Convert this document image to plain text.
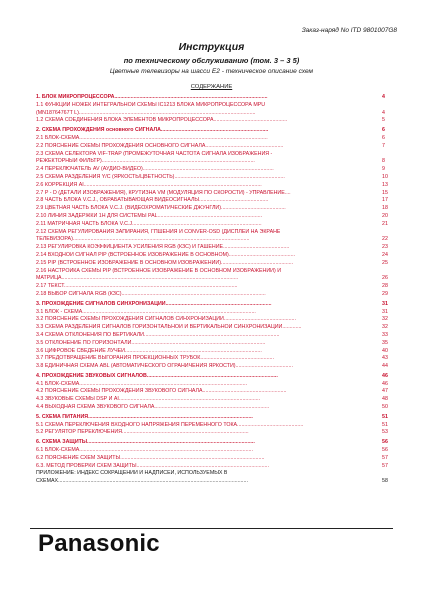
Заказ-наряд No ITD 9801007G8
Инструкция
по техническому обслуживанию (том. 3 – 3 5)
Цветные телевизоры на шасси E2 - техническое описание схем
СОДЕРЖАНИЕ
1. БЛОК МИКРОПРОЦЕССОРА........................................................................................................	4
1.1 ФУНКЦИИ НОЖЕК ИНТЕГРАЛЬНОЙ СХЕМЫ IC1213 БЛОКА МИКРОПРОЦЕССОРА MPU
(MN18764767T L)........................................................................................................................	4
1.2 СХЕМА СОЕДИНЕНИЯ БЛОКА ЭЛЕМЕНТОВ МИКРОПРОЦЕССОРА..................................................	5
2. СХЕМА ПРОХОЖДЕНИЯ основного СИГНАЛА.........................................................................	6
2.1 БЛОК-СХЕМА................................................................................................................................	6
2.2 ПОЯСНЕНИЕ СХЕМЫ ПРОХОЖДЕНИЯ ОСНОВНОГО СИГНАЛА.....................................................	7
2.3 СХЕМА СЕЛЕКТОРА VIF-TRAP (ПРОМЕЖУТОЧНАЯ ЧАСТОТА СИГНАЛА ИЗОБРАЖЕНИЯ -
РЕЖЕКТОРНЫЙ ФИЛЬТР)........................................................................................................	8
2.4 ПЕРЕКЛЮЧАТЕЛЬ AV (АУДИО-ВИДЕО).........................................................................................	9
2.5 СХЕМА РАЗДЕЛЕНИЯ Y/C (ЯРКОСТЬ/ЦВЕТНОСТЬ)...........................................................................	10
2.6 КОРРЕКЦИЯ AI.........................................................................................................................	13
2.7 P - D (ДЕТАЛИ ИЗОБРАЖЕНИЯ), КРУТИЗНА VM (МОДУЛЯЦИЯ ПО СКОРОСТИ) - УПРАВЛЕНИЕ....	15
2.8 ЧАСТЬ БЛОКА V.C.J., ОБРАБАТЫВАЮЩАЯ ВИДЕОСИГНАЛЫ...............................................	17
2.9 ЦВЕТНАЯ ЧАСТЬ БЛОКА V.C.J. (ВИДЕОХРОМАТИЧЕСКИЕ ДЖУНГЛИ)............................................	18
2.10 ЛИНИЯ ЗАДЕРЖКИ 1H ДЛЯ СИСТЕМЫ PAL.......................................................................	20
2.11 МАТРИЧНАЯ ЧАСТЬ БЛОКА V.C.J........................................................................................	21
2.12 СХЕМА РЕГУЛИРОВАНИЯ ЗАПИРАНИЯ, ГПШЕНИЯ И CONVER-OSD (ДИСПЛЕЙ НА ЭКРАНЕ
ТЕЛЕВИЗОРА)........................................................................................................................	22
2.13 РЕГУЛИРОВКА КОЭФФИЦИЕНТА УСИЛЕНИЯ RGB (КЗС) И ГАШЕНИЕ.............................................	23
2.14 ВХОДНОЙ СИГНАЛ PIP (ВСТРОЕННОЕ ИЗОБРАЖЕНИЕ В ОСНОВНОМ).............................................	24
2.15 PIP (ВСТРОЕННОЕ ИЗОБРАЖЕНИЕ В ОСНОВНОМ ИЗОБРАЖЕНИИ).................................................	25
2.16 НАСТРОЙКА СХЕМЫ PIP (ВСТРОЕННОЕ ИЗОБРАЖЕНИЕ В ОСНОВНОМ ИЗОБРАЖЕНИИ) И
МАТРИЦА........................................................................................................................	26
2.17 ТЕКСТ......................................................................................................................	28
2.18 ВЫБОР СИГНАЛА RGB (КЗС)..................................................................................................	29
3. ПРОХОЖДЕНИЕ СИГНАЛОВ СИНХРОНИЗАЦИИ........................................................................	31
3.1 БЛОК - СХЕМА......................................................................................................................	31
3.2 ПОЯСНЕНИЕ СХЕМЫ ПРОХОЖДЕНИЯ СИГНАЛОВ СИНХРОНИЗАЦИИ.................................................	32
3.3 СХЕМА РАЗДЕЛЕНИЯ СИГНАЛОВ ГОРИЗОНТАЛЬНОЙ И ВЕРТИКАЛЬНОЙ СИНХРОНИЗАЦИИ.............	32
3.4 СХЕМА ОТКЛОНЕНИЯ ПО ВЕРТИКАЛИ............................................................................................	33
3.5 ОТКЛОНЕНИЕ ПО ГОРИЗОНТАЛИ...........................................................................................	35
3.6 ЦИФРОВОЕ СВЕДЕНИЕ ЛУЧЕЙ.............................................................................................	40
3.7 ПРЕДОТВРАЩЕНИЕ ВЫГОРАНИЯ ПРОЕКЦИОННЫХ ТРУБОК..................................................	43
3.8 ЕДИНИЧНАЯ СХЕМА ABL (АВТОМАТИЧЕСКОГО ОГРАНИЧЕНИЯ ЯРКОСТИ).......................................	44
4. ПРОХОЖДЕНИЕ ЗВУКОВЫХ СИГНАЛОВ.........................................................................................	46
4.1 БЛОК-СХЕМА..................................................................................................................	46
4.2 ПОЯСНЕНИЕ СХЕМЫ ПРОХОЖДЕНИЯ ЗВУКОВОГО СИГНАЛА.........................................................	47
4.3 ЗВУКОВЫЕ СХЕМЫ DSP И AI................................................................................................	48
4.4 ВЫХОДНАЯ СХЕМА ЗВУКОВОГО СИГНАЛА..............................................................................	50
5. СХЕМА ПИТАНИЯ................................................................................................................	51
5.1 СХЕМА ПЕРЕКЛЮЧЕНИЯ ВХОДНОГО НАПРЯЖЕНИЯ ПЕРЕМЕННОГО ТОКА.............................................	51
5.2 РЕГУЛЯТОР ПЕРЕКЛЮЧЕНИЯ......................................................................................	53
6. СХЕМА ЗАЩИТЫ..................................................................................................................	56
6.1 БЛОК-СХЕМА......................................................................................................................	56
6.2 ПОЯСНЕНИЕ СХЕМ ЗАЩИТЫ..................................................................................................	57
6.3. МЕТОД ПРОВЕРКИ СХЕМ ЗАЩИТЫ..........................................................................................	57
ПРИЛОЖЕНИЕ: ИНДЕКС СОКРАЩЕНИЙ И НАДПИСЕЙ, ИСПОЛЬЗУЕМЫХ В
СХЕМАХ.................................................................................................................................	58
Panasonic
